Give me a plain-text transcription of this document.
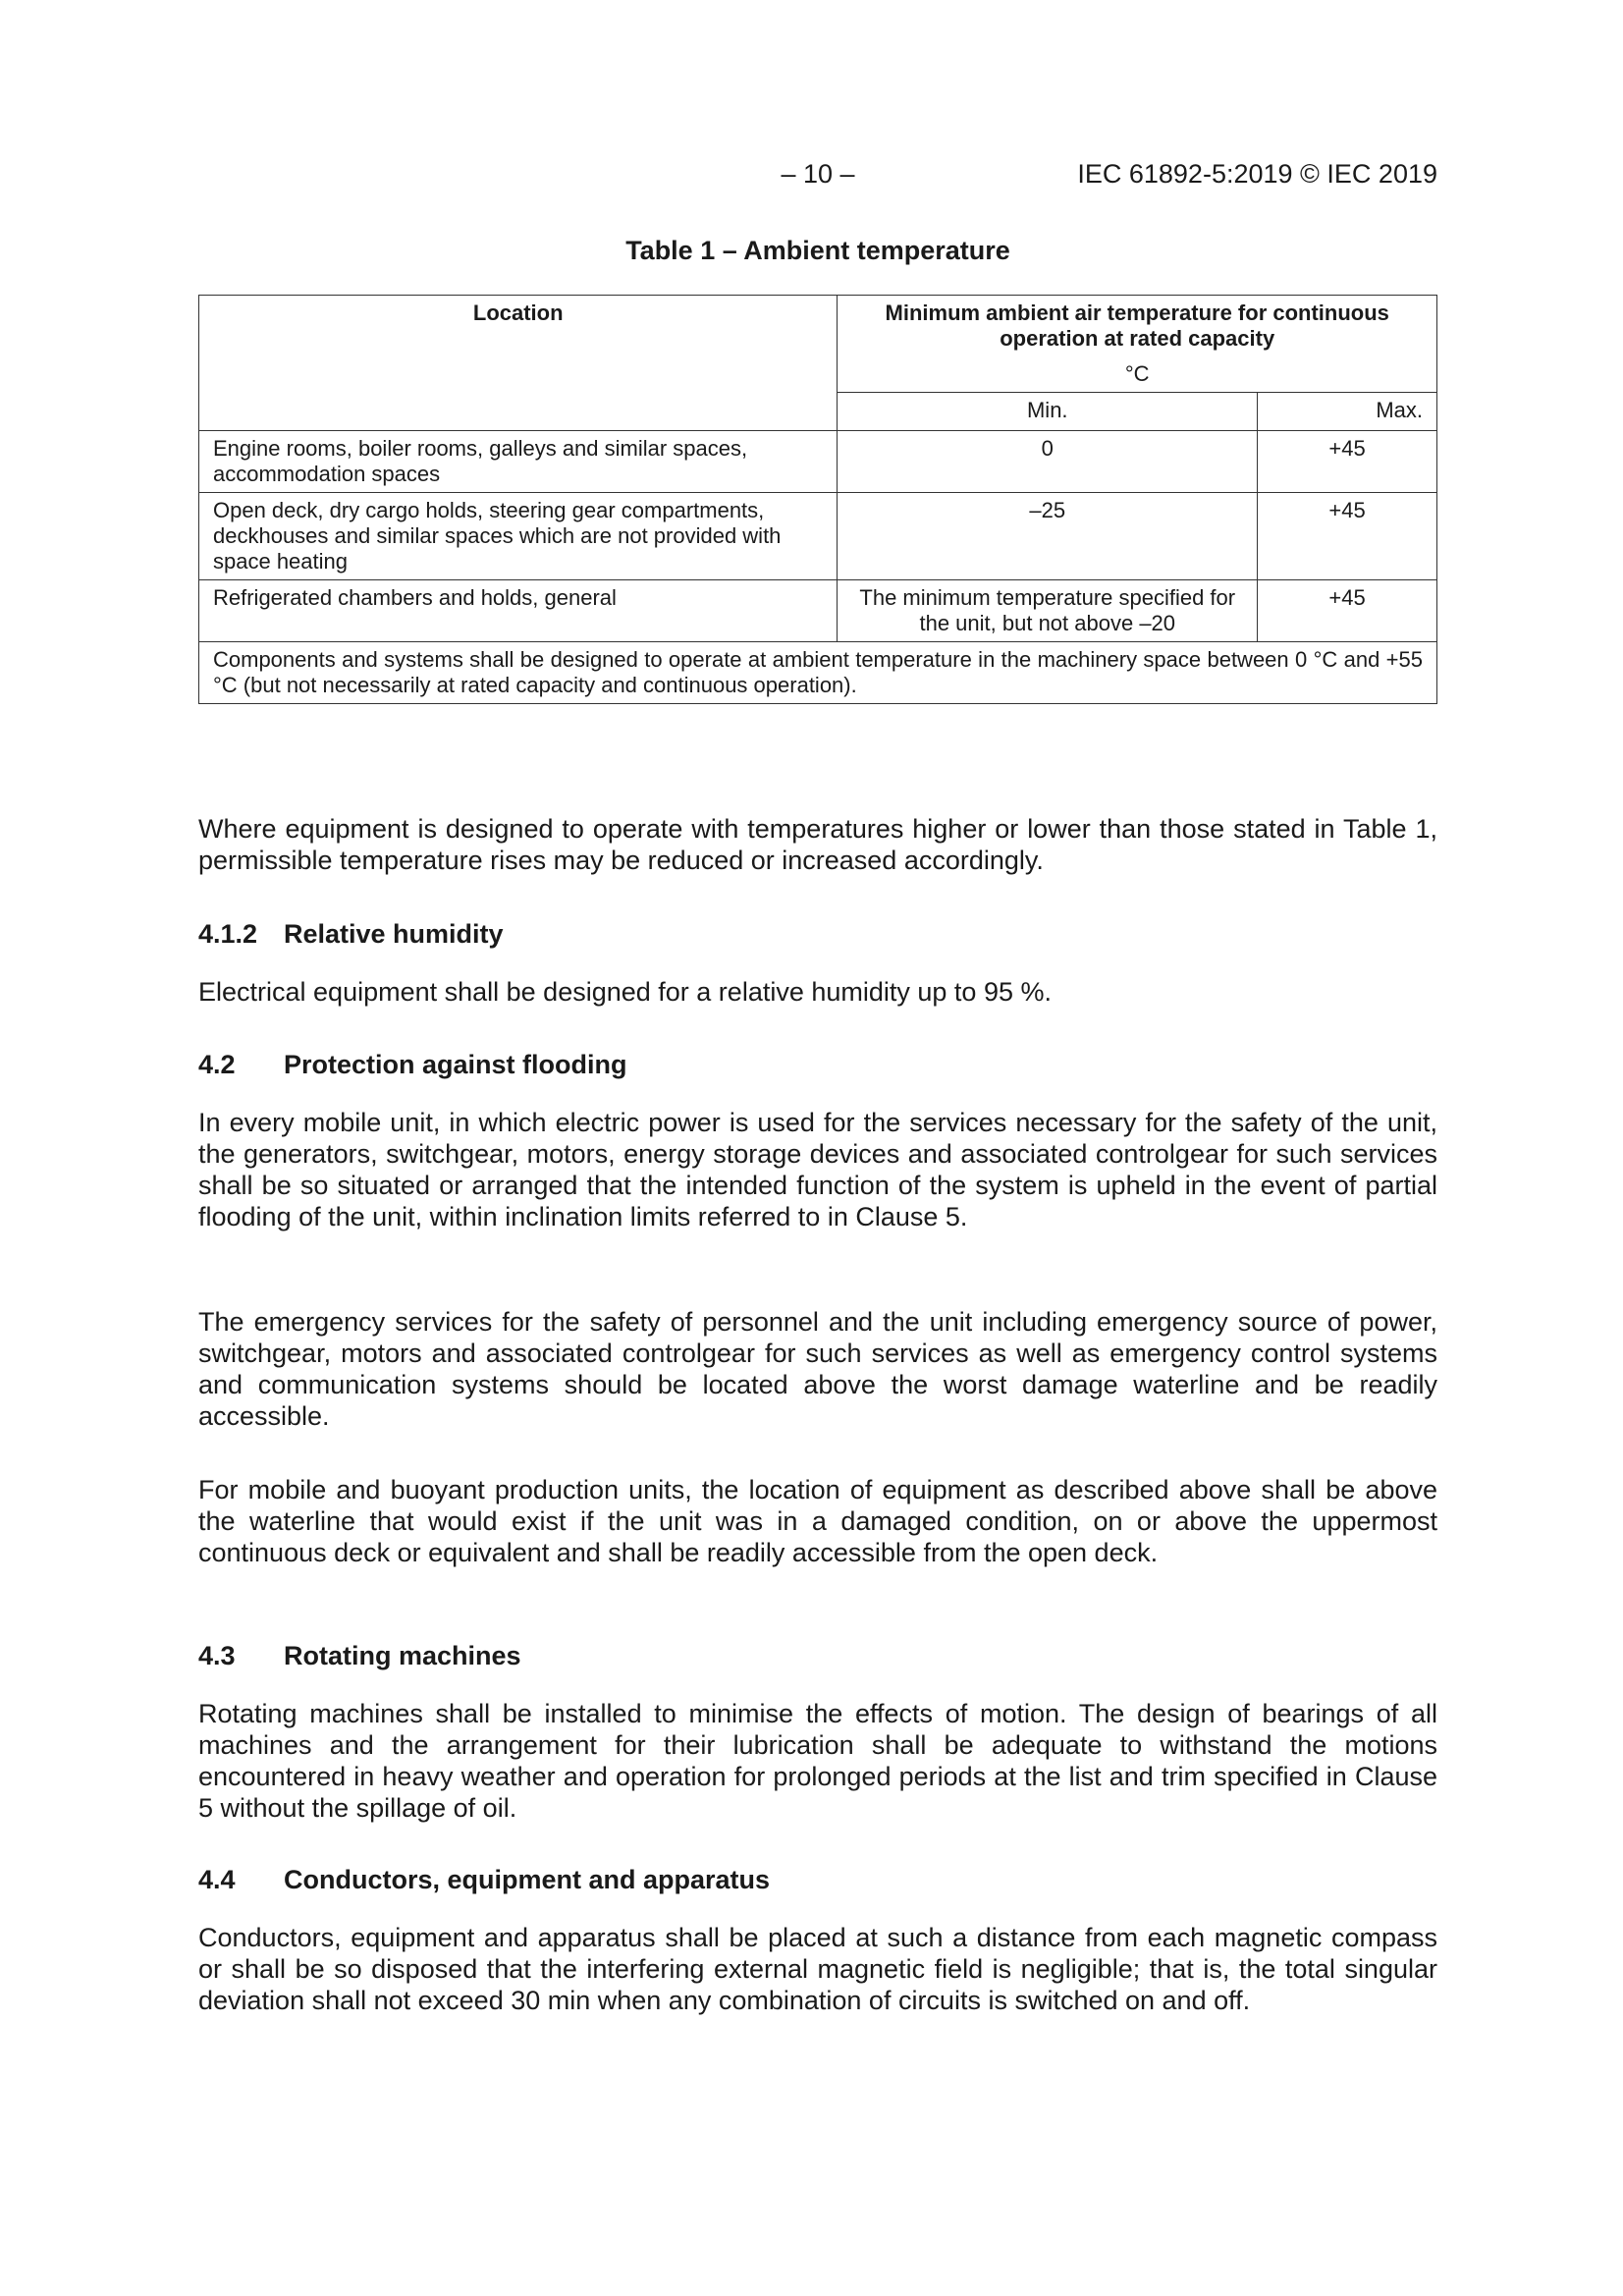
– 10 –	IEC 61892-5:2019 © IEC 2019
Table 1 – Ambient temperature
Location	Minimum ambient air temperature for continuous operation at rated capacity
°C	

	Min.	Max.
Engine rooms, boiler rooms, galleys and similar spaces, accommodation spaces	0	+45
Open deck, dry cargo holds, steering gear compartments, deckhouses and similar spaces which are not provided with space heating	–25	+45
Refrigerated chambers and holds, general	The minimum temperature specified for the unit, but not above –20	+45
Components and systems shall be designed to operate at ambient temperature in the machinery space between 0 °C and +55 °C (but not necessarily at rated capacity and continuous operation).		

Where equipment is designed to operate with temperatures higher or lower than those stated in Table 1, permissible temperature rises may be reduced or increased accordingly.

4.1.2 Relative humidity

Electrical equipment shall be designed for a relative humidity up to 95 %.

4.2 Protection against flooding

In every mobile unit, in which electric power is used for the services necessary for the safety of the unit, the generators, switchgear, motors, energy storage devices and associated controlgear for such services shall be so situated or arranged that the intended function of the system is upheld in the event of partial flooding of the unit, within inclination limits referred to in Clause 5.

The emergency services for the safety of personnel and the unit including emergency source of power, switchgear, motors and associated controlgear for such services as well as emergency control systems and communication systems should be located above the worst damage waterline and be readily accessible.

For mobile and buoyant production units, the location of equipment as described above shall be above the waterline that would exist if the unit was in a damaged condition, on or above the uppermost continuous deck or equivalent and shall be readily accessible from the open deck.

4.3 Rotating machines

Rotating machines shall be installed to minimise the effects of motion. The design of bearings of all machines and the arrangement for their lubrication shall be adequate to withstand the motions encountered in heavy weather and operation for prolonged periods at the list and trim specified in Clause 5 without the spillage of oil.

4.4 Conductors, equipment and apparatus

Conductors, equipment and apparatus shall be placed at such a distance from each magnetic compass or shall be so disposed that the interfering external magnetic field is negligible; that is, the total singular deviation shall not exceed 30 min when any combination of circuits is switched on and off.
